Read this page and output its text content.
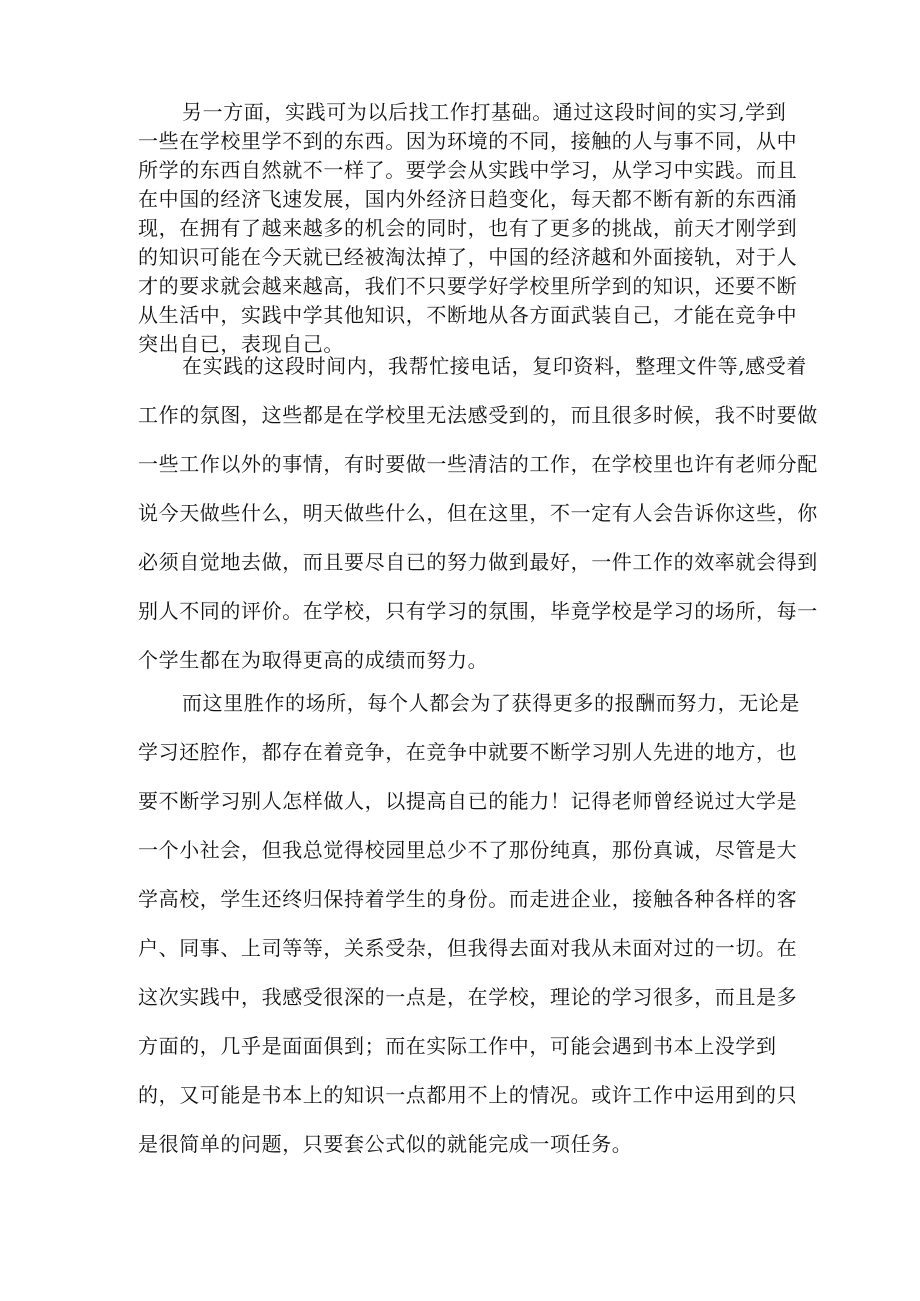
另一方面，实践可为以后找工作打基础。通过这段时间的实习,学到
一些在学校里学不到的东西。因为环境的不同，接触的人与事不同，从中
所学的东西自然就不一样了。要学会从实践中学习，从学习中实践。而且
在中国的经济飞速发展，国内外经济日趋变化，每天都不断有新的东西涌
现，在拥有了越来越多的机会的同时，也有了更多的挑战，前天才刚学到
的知识可能在今天就已经被淘汰掉了，中国的经济越和外面接轨，对于人
才的要求就会越来越高，我们不只要学好学校里所学到的知识，还要不断
从生活中，实践中学其他知识，不断地从各方面武装自己，才能在竞争中
突出自已，表现自己。
在实践的这段时间内，我帮忙接电话，复印资料，整理文件等,感受着
工作的氛图，这些都是在学校里无法感受到的，而且很多时候，我不时要做
一些工作以外的事情，有时要做一些清洁的工作，在学校里也许有老师分配
说今天做些什么，明天做些什么，但在这里，不一定有人会告诉你这些，你
必须自觉地去做，而且要尽自已的努力做到最好，一件工作的效率就会得到
别人不同的评价。在学校，只有学习的氛围，毕竟学校是学习的场所，每一
个学生都在为取得更高的成绩而努力。
而这里胜作的场所，每个人都会为了获得更多的报酬而努力，无论是
学习还腔作，都存在着竞争，在竞争中就要不断学习别人先进的地方，也
要不断学习别人怎样做人，以提高自已的能力！记得老师曾经说过大学是
一个小社会，但我总觉得校园里总少不了那份纯真，那份真诚，尽管是大
学高校，学生还终归保持着学生的身份。而走进企业，接触各种各样的客
户、同事、上司等等，关系受杂，但我得去面对我从未面对过的一切。在
这次实践中，我感受很深的一点是，在学校，理论的学习很多，而且是多
方面的，几乎是面面俱到；而在实际工作中，可能会遇到书本上没学到
的，又可能是书本上的知识一点都用不上的情况。或许工作中运用到的只
是很简单的问题，只要套公式似的就能完成一项任务。
